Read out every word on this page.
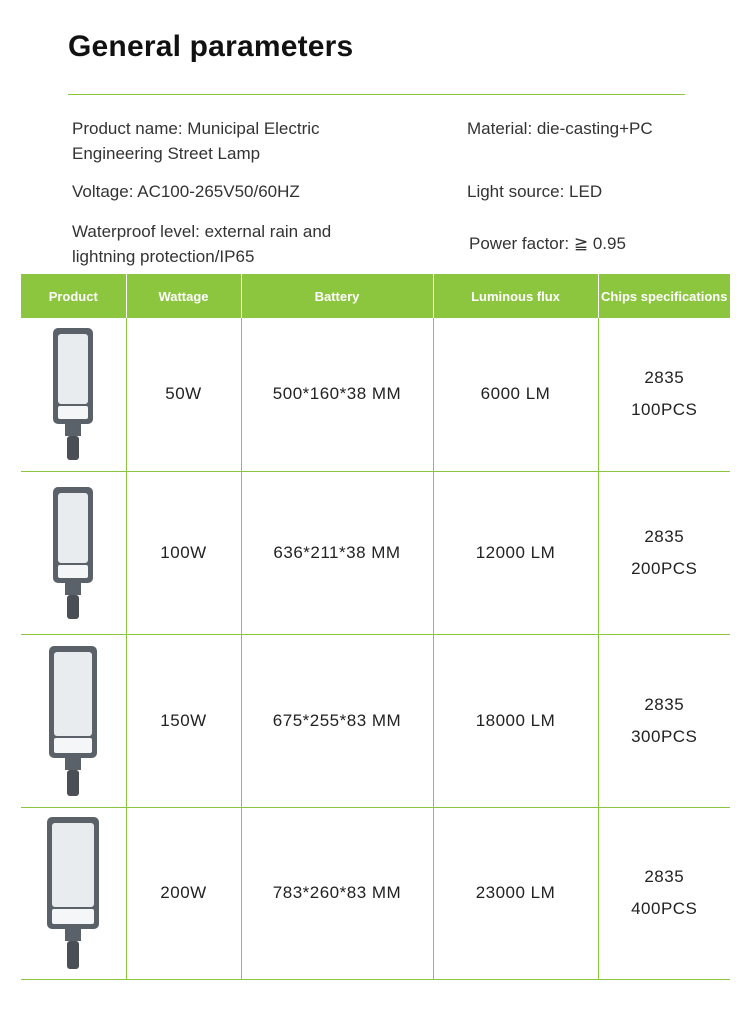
General parameters
Product name: Municipal Electric Engineering Street Lamp
Material: die-casting+PC
Voltage: AC100-265V50/60HZ	Light source: LED
Waterproof level: external rain and lightning protection/IP65
Power factor: ≧ 0.95
Product	Wattage	Battery	Luminous flux	Chips specifications

	50W	500*160*38 MM	6000 LM	2835
100PCS

	100W	636*211*38 MM	12000 LM	2835
200PCS

	150W	675*255*83 MM	18000 LM	2835
300PCS

	200W	783*260*83 MM	23000 LM	2835
400PCS
